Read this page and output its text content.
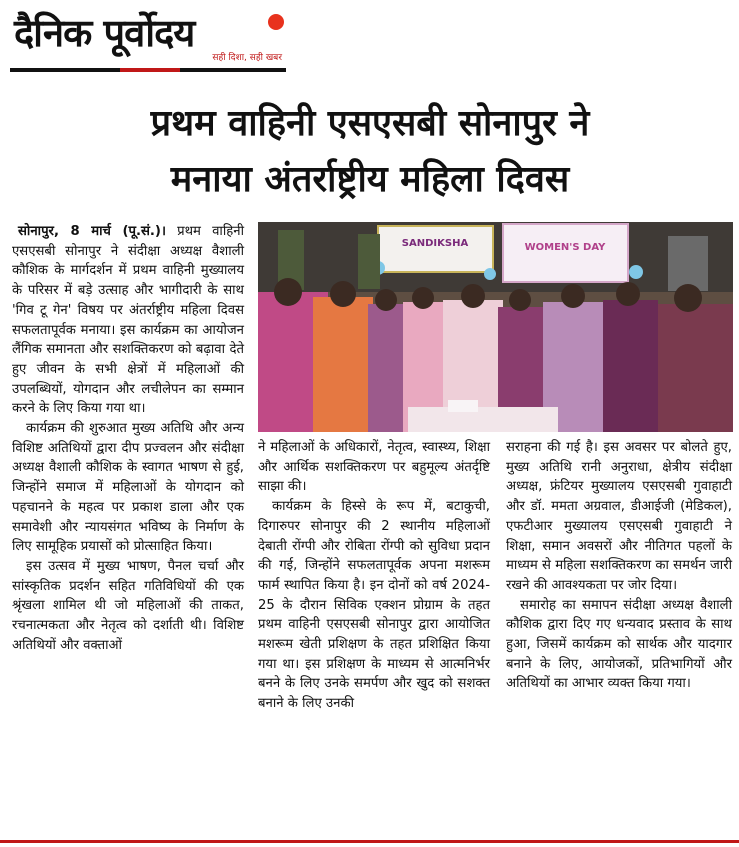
दैनिक पूर्वोदय
सही दिशा, सही खबर
प्रथम वाहिनी एसएसबी सोनापुर ने
मनाया अंतर्राष्ट्रीय महिला दिवस

सोनापुर, 8 मार्च (पू.सं.)। प्रथम वाहिनी एसएसबी सोनापुर ने संदीक्षा अध्यक्ष वैशाली कौशिक के मार्गदर्शन में प्रथम वाहिनी मुख्यालय के परिसर में बड़े उत्साह और भागीदारी के साथ 'गिव टू गेन' विषय पर अंतर्राष्ट्रीय महिला दिवस सफलतापूर्वक मनाया। इस कार्यक्रम का आयोजन लैंगिक समानता और सशक्तिकरण को बढ़ावा देते हुए जीवन के सभी क्षेत्रों में महिलाओं की उपलब्धियों, योगदान और लचीलेपन का सम्मान करने के लिए किया गया था।

कार्यक्रम की शुरुआत मुख्य अतिथि और अन्य विशिष्ट अतिथियों द्वारा दीप प्रज्वलन और संदीक्षा अध्यक्ष वैशाली कौशिक के स्वागत भाषण से हुई, जिन्होंने समाज में महिलाओं के योगदान को पहचानने के महत्व पर प्रकाश डाला और एक समावेशी और न्यायसंगत भविष्य के निर्माण के लिए सामूहिक प्रयासों को प्रोत्साहित किया।

इस उत्सव में मुख्य भाषण, पैनल चर्चा और सांस्कृतिक प्रदर्शन सहित गतिविधियों की एक श्रृंखला शामिल थी जो महिलाओं की ताकत, रचनात्मकता और नेतृत्व को दर्शाती थी। विशिष्ट अतिथियों और वक्ताओं

SANDIKSHA	WOMEN'S DAY

ने महिलाओं के अधिकारों, नेतृत्व, स्वास्थ्य, शिक्षा और आर्थिक सशक्तिकरण पर बहुमूल्य अंतर्दृष्टि साझा की।

कार्यक्रम के हिस्से के रूप में, बटाकुची, दिगारुपर सोनापुर की 2 स्थानीय महिलाओं देबाती रोंग्पी और रोबिता रोंग्पी को सुविधा प्रदान की गई, जिन्होंने सफलतापूर्वक अपना मशरूम फार्म स्थापित किया है। इन दोनों को वर्ष 2024-25 के दौरान सिविक एक्शन प्रोग्राम के तहत प्रथम वाहिनी एसएसबी सोनापुर द्वारा आयोजित मशरूम खेती प्रशिक्षण के तहत प्रशिक्षित किया गया था। इस प्रशिक्षण के माध्यम से आत्मनिर्भर बनने के लिए उनके समर्पण और खुद को सशक्त बनाने के लिए उनकी

सराहना की गई है। इस अवसर पर बोलते हुए, मुख्य अतिथि रानी अनुराधा, क्षेत्रीय संदीक्षा अध्यक्ष, फ्रंटियर मुख्यालय एसएसबी गुवाहाटी और डॉ. ममता अग्रवाल, डीआईजी (मेडिकल), एफटीआर मुख्यालय एसएसबी गुवाहाटी ने शिक्षा, समान अवसरों और नीतिगत पहलों के माध्यम से महिला सशक्तिकरण का समर्थन जारी रखने की आवश्यकता पर जोर दिया।

समारोह का समापन संदीक्षा अध्यक्ष वैशाली कौशिक द्वारा दिए गए धन्यवाद प्रस्ताव के साथ हुआ, जिसमें कार्यक्रम को सार्थक और यादगार बनाने के लिए, आयोजकों, प्रतिभागियों और अतिथियों का आभार व्यक्त किया गया।
